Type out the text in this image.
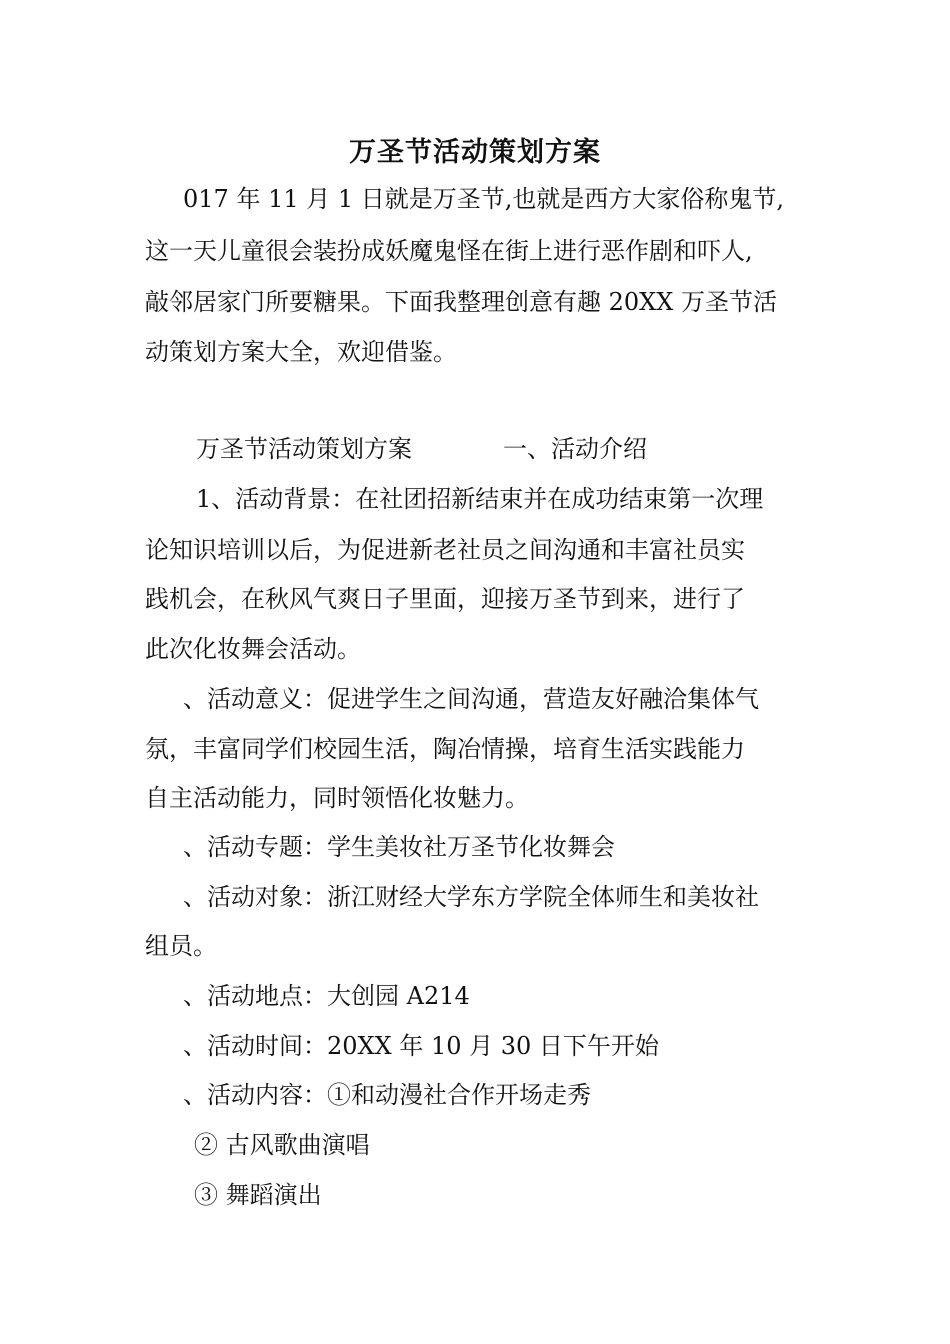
万圣节活动策划方案
017 年 11 月 1 日就是万圣节,也就是西方大家俗称鬼节,
这一天儿童很会装扮成妖魔鬼怪在街上进行恶作剧和吓人,
敲邻居家门所要糖果。下面我整理创意有趣 20XX 万圣节活
动策划方案大全，欢迎借鉴。
万圣节活动策划方案	一、活动介绍
1、活动背景：在社团招新结束并在成功结束第一次理
论知识培训以后，为促进新老社员之间沟通和丰富社员实
践机会，在秋风气爽日子里面，迎接万圣节到来，进行了
此次化妆舞会活动。
、活动意义：促进学生之间沟通，营造友好融洽集体气
氛，丰富同学们校园生活，陶冶情操，培育生活实践能力
自主活动能力，同时领悟化妆魅力。
、活动专题：学生美妆社万圣节化妆舞会
、活动对象：浙江财经大学东方学院全体师生和美妆社
组员。
、活动地点：大创园 A214
、活动时间：20XX 年 10 月 30 日下午开始
、活动内容：①和动漫社合作开场走秀
② 古风歌曲演唱
③ 舞蹈演出
